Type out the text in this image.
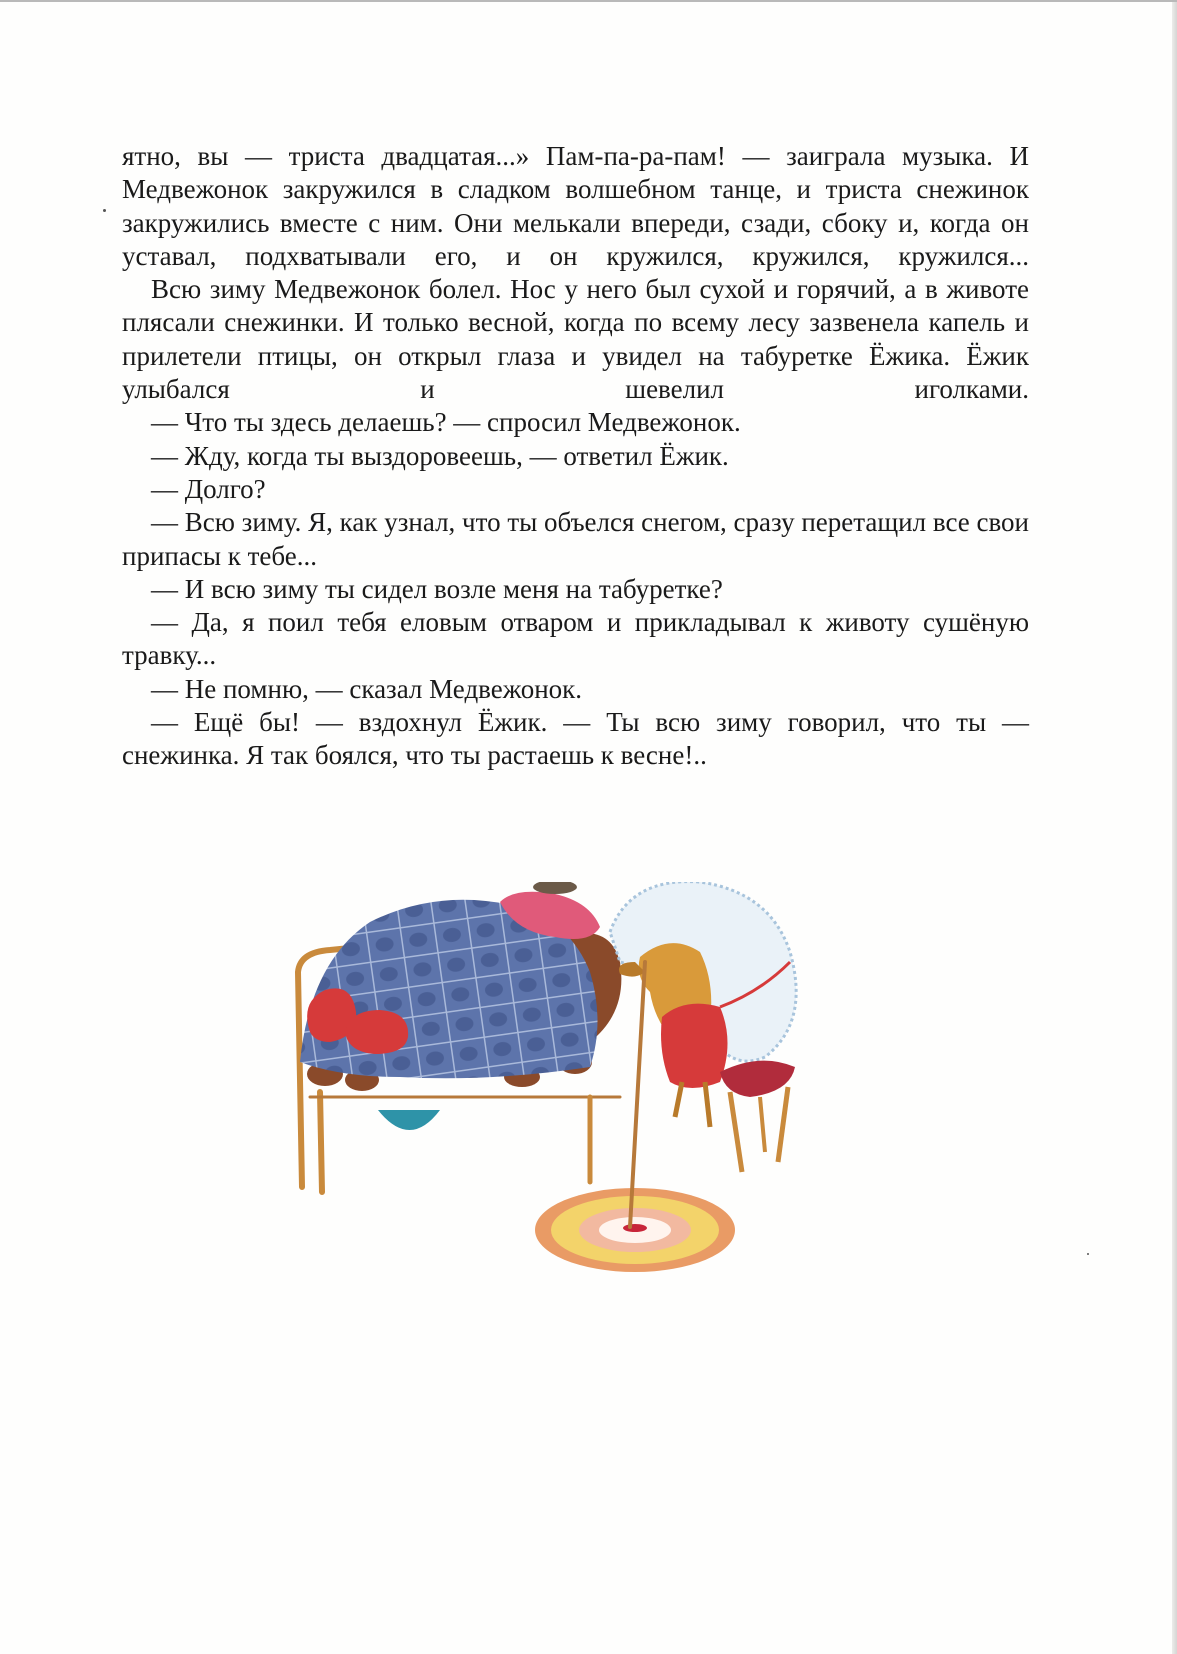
ятно, вы — триста двадцатая...» Пам-па-ра-пам! — заиграла музыка. И Медвежонок закружился в сладком волшебном танце, и триста снежинок закружились вместе с ним. Они мелькали впереди, сзади, сбоку и, когда он уставал, подхватывали его, и он кружился, кружился, кружился...

Всю зиму Медвежонок болел. Нос у него был сухой и горячий, а в животе плясали снежинки. И только весной, когда по всему лесу зазвенела капель и прилетели птицы, он открыл глаза и увидел на табуретке Ёжика. Ёжик улыбался и шевелил иголками.

— Что ты здесь делаешь? — спросил Медвежонок.

— Жду, когда ты выздоровеешь, — ответил Ёжик.

— Долго?

— Всю зиму. Я, как узнал, что ты объелся снегом, сразу перетащил все свои припасы к тебе...

— И всю зиму ты сидел возле меня на табуретке?

— Да, я поил тебя еловым отваром и прикладывал к животу сушёную травку...

— Не помню, — сказал Медвежонок.

— Ещё бы! — вздохнул Ёжик. — Ты всю зиму говорил, что ты — снежинка. Я так боялся, что ты растаешь к весне!..
